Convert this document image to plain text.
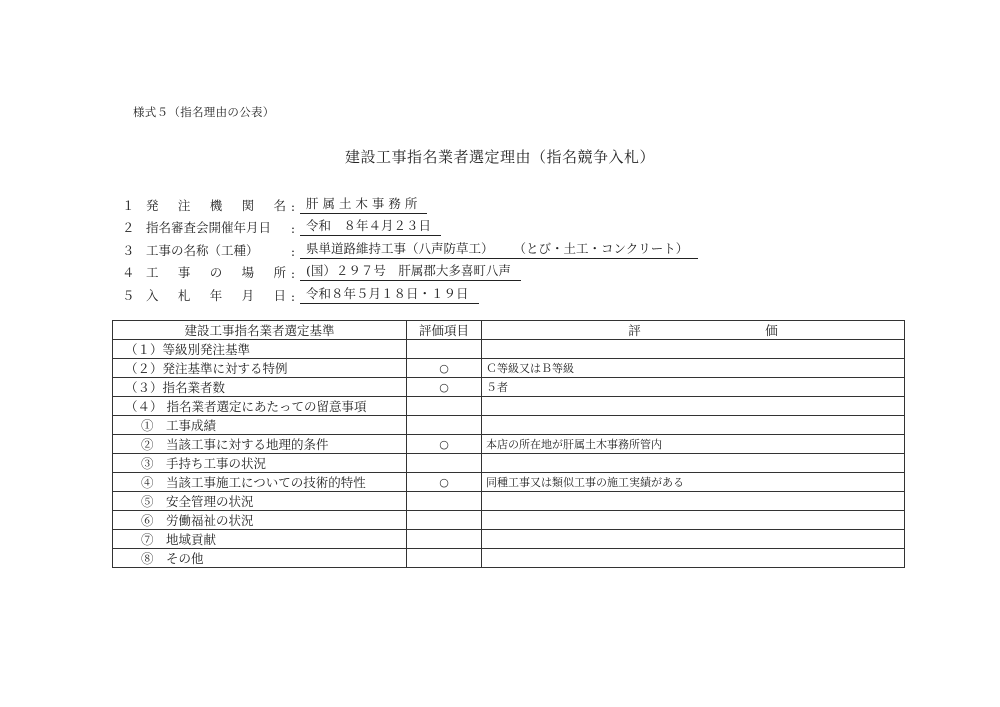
様式５（指名理由の公表）
建設工事指名業者選定理由（指名競争入札）
１ 発 注 機 関 名 : 肝 属 土 木 事 務 所
２ 指名審査会開催年月日	: 令和　８年４月２３日
３ 工事の名称（工種）	: 県単道路維持工事（八声防草工） （とび・土工・コンクリート）
４ 工 事 の 場 所 : (国）２９７号　肝属郡大多喜町八声
５ 入 札 年 月 日 : 令和８年５月１８日・１９日
建設工事指名業者選定基準	評価項目	評 価

（１）等級別発注基準		
（２）発注基準に対する特例	○	Ｃ等級又はＢ等級
（３）指名業者数	○	５者
（４） 指名業者選定にあたっての留意事項		
①　工事成績		
②　当該工事に対する地理的条件	○	本店の所在地が肝属土木事務所管内
③　手持ち工事の状況		
④　当該工事施工についての技術的特性	○	同種工事又は類似工事の施工実績がある
⑤　安全管理の状況		
⑥　労働福祉の状況		
⑦　地域貢献		
⑧　その他		
